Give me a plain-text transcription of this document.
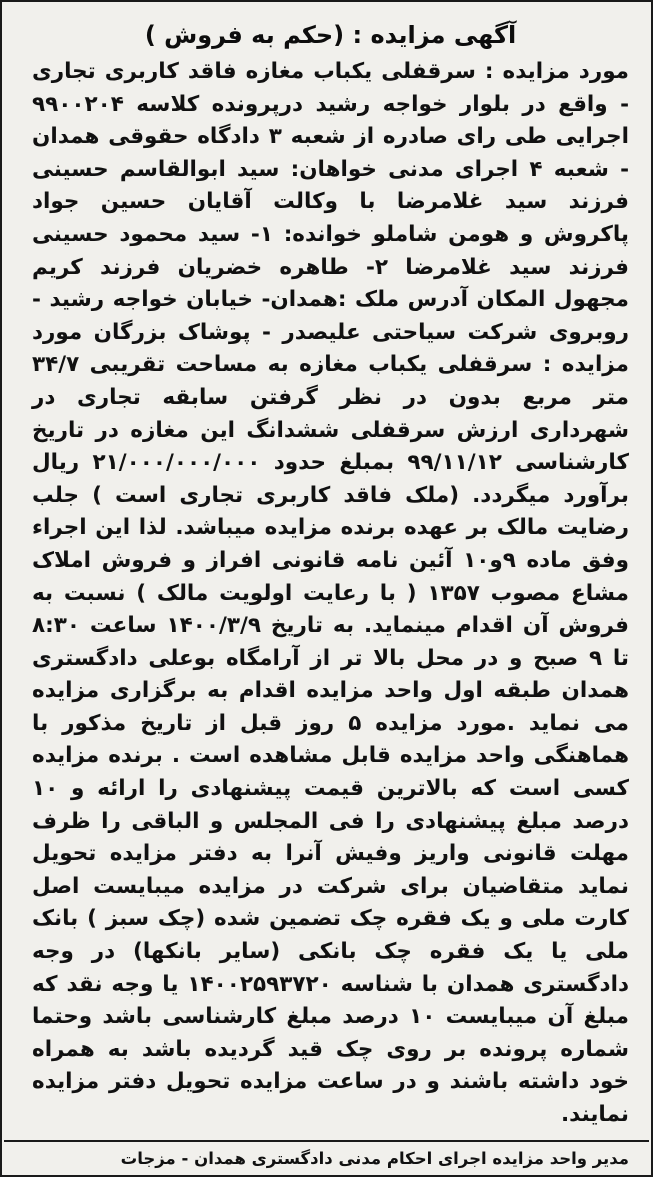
آگهی مزایده : (حکم به فروش )

مورد مزایده : سرقفلی یکباب مغازه فاقد کاربری تجاری - واقع در بلوار خواجه رشید درپرونده کلاسه ۹۹۰۰۲۰۴ اجرایی طی رای صادره از شعبه ۳ دادگاه حقوقی همدان - شعبه ۴ اجرای مدنی خواهان: سید ابوالقاسم حسینی فرزند سید غلامرضا با وکالت آقایان حسین جواد پاکروش و هومن شاملو خوانده: ۱- سید محمود حسینی فرزند سید غلامرضا ۲- طاهره خضریان فرزند کریم مجهول المکان آدرس ملک :همدان- خیابان خواجه رشید - روبروی شرکت سیاحتی علیصدر - پوشاک بزرگان مورد مزایده : سرقفلی یکباب مغازه به مساحت تقریبی ۳۴/۷ متر مربع بدون در نظر گرفتن سابقه تجاری در شهرداری ارزش سرقفلی ششدانگ این مغازه در تاریخ کارشناسی ۹۹/۱۱/۱۲ بمبلغ حدود ۲۱/۰۰۰/۰۰۰/۰۰۰ ریال برآورد میگردد. (ملک فاقد کاربری تجاری است ) جلب رضایت مالک بر عهده برنده مزایده میباشد. لذا این اجراء وفق ماده ۹و۱۰ آئین نامه قانونی افراز و فروش املاک مشاع مصوب ۱۳۵۷ ( با رعایت اولویت مالک ) نسبت به فروش آن اقدام مینماید. به تاریخ ۱۴۰۰/۳/۹ ساعت ۸:۳۰ تا ۹ صبح و در محل بالا تر از آرامگاه بوعلی دادگستری همدان طبقه اول واحد مزایده اقدام به برگزاری مزایده می نماید .مورد مزایده ۵ روز قبل از تاریخ مذکور با هماهنگی واحد مزایده قابل مشاهده است . برنده مزایده کسی است که بالاترین قیمت پیشنهادی را ارائه و ۱۰ درصد مبلغ پیشنهادی را فی المجلس و الباقی را ظرف مهلت قانونی واریز وفیش آنرا به دفتر مزایده تحویل نماید متقاضیان برای شرکت در مزایده میبایست اصل کارت ملی و یک فقره چک تضمین شده (چک سبز ) بانک ملی یا یک فقره چک بانکی (سایر بانکها) در وجه دادگستری همدان با شناسه ۱۴۰۰۲۵۹۳۷۲۰ یا وجه نقد که مبلغ آن میبایست ۱۰ درصد مبلغ کارشناسی باشد وحتما شماره پرونده بر روی چک قید گردیده باشد به همراه خود داشته باشند و در ساعت مزایده تحویل دفتر مزایده نمایند.

مدیر واحد مزایده اجرای احکام مدنی دادگستری همدان - مزجات
